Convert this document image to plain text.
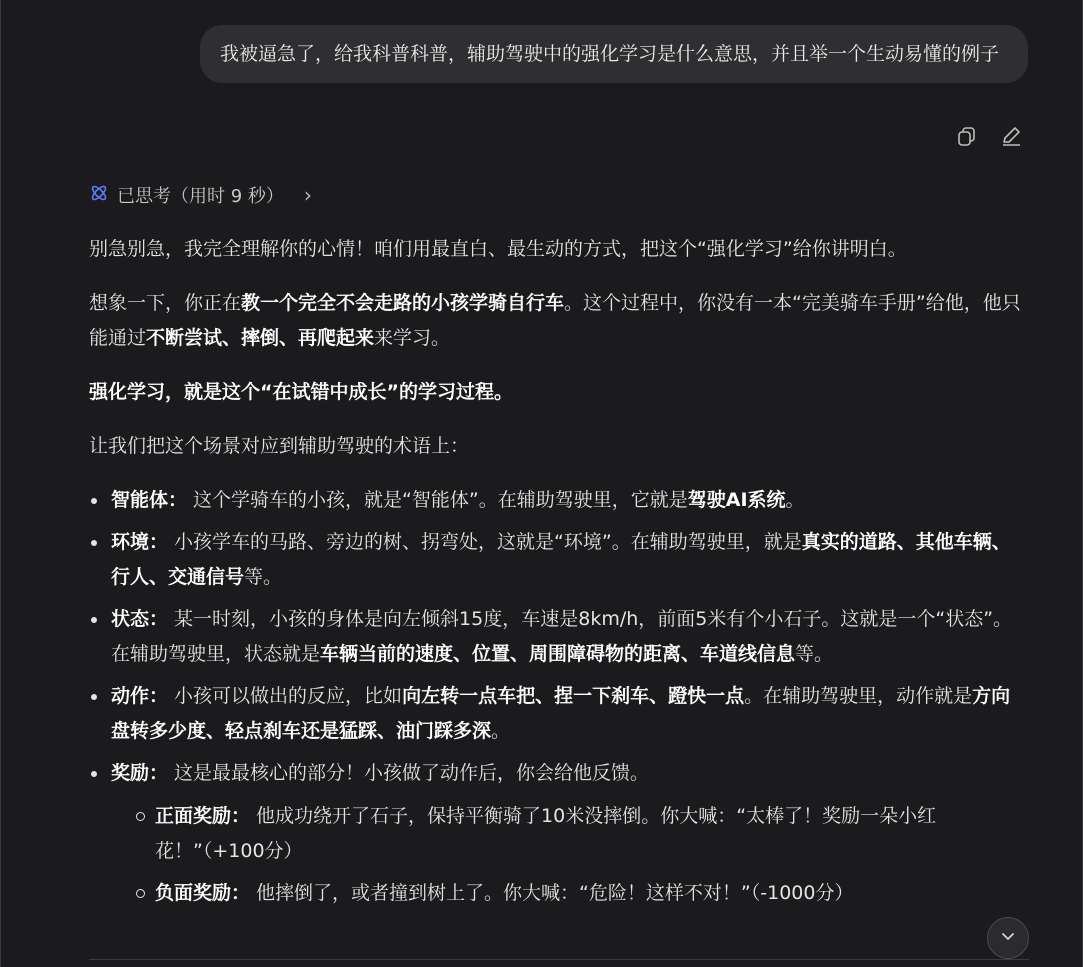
我被逼急了，给我科普科普，辅助驾驶中的强化学习是什么意思，并且举一个生动易懂的例子
已思考（用时 9 秒） ›

别急别急，我完全理解你的心情！咱们用最直白、最生动的方式，把这个“强化学习”给你讲明白。

想象一下，你正在教一个完全不会走路的小孩学骑自行车。这个过程中，你没有一本“完美骑车手册”给他，他只能通过不断尝试、摔倒、再爬起来来学习。

强化学习，就是这个“在试错中成长”的学习过程。

让我们把这个场景对应到辅助驾驶的术语上：

智能体： 这个学骑车的小孩，就是“智能体”。在辅助驾驶里，它就是驾驶AI系统。
环境： 小孩学车的马路、旁边的树、拐弯处，这就是“环境”。在辅助驾驶里，就是真实的道路、其他车辆、行人、交通信号等。
状态： 某一时刻，小孩的身体是向左倾斜15度，车速是8km/h，前面5米有个小石子。这就是一个“状态”。在辅助驾驶里，状态就是车辆当前的速度、位置、周围障碍物的距离、车道线信息等。
动作： 小孩可以做出的反应，比如向左转一点车把、捏一下刹车、蹬快一点。在辅助驾驶里，动作就是方向盘转多少度、轻点刹车还是猛踩、油门踩多深。
奖励： 这是最最核心的部分！小孩做了动作后，你会给他反馈。
正面奖励： 他成功绕开了石子，保持平衡骑了10米没摔倒。你大喊：“太棒了！奖励一朵小红花！”（+100分）
负面奖励： 他摔倒了，或者撞到树上了。你大喊：“危险！这样不对！”（-1000分）
